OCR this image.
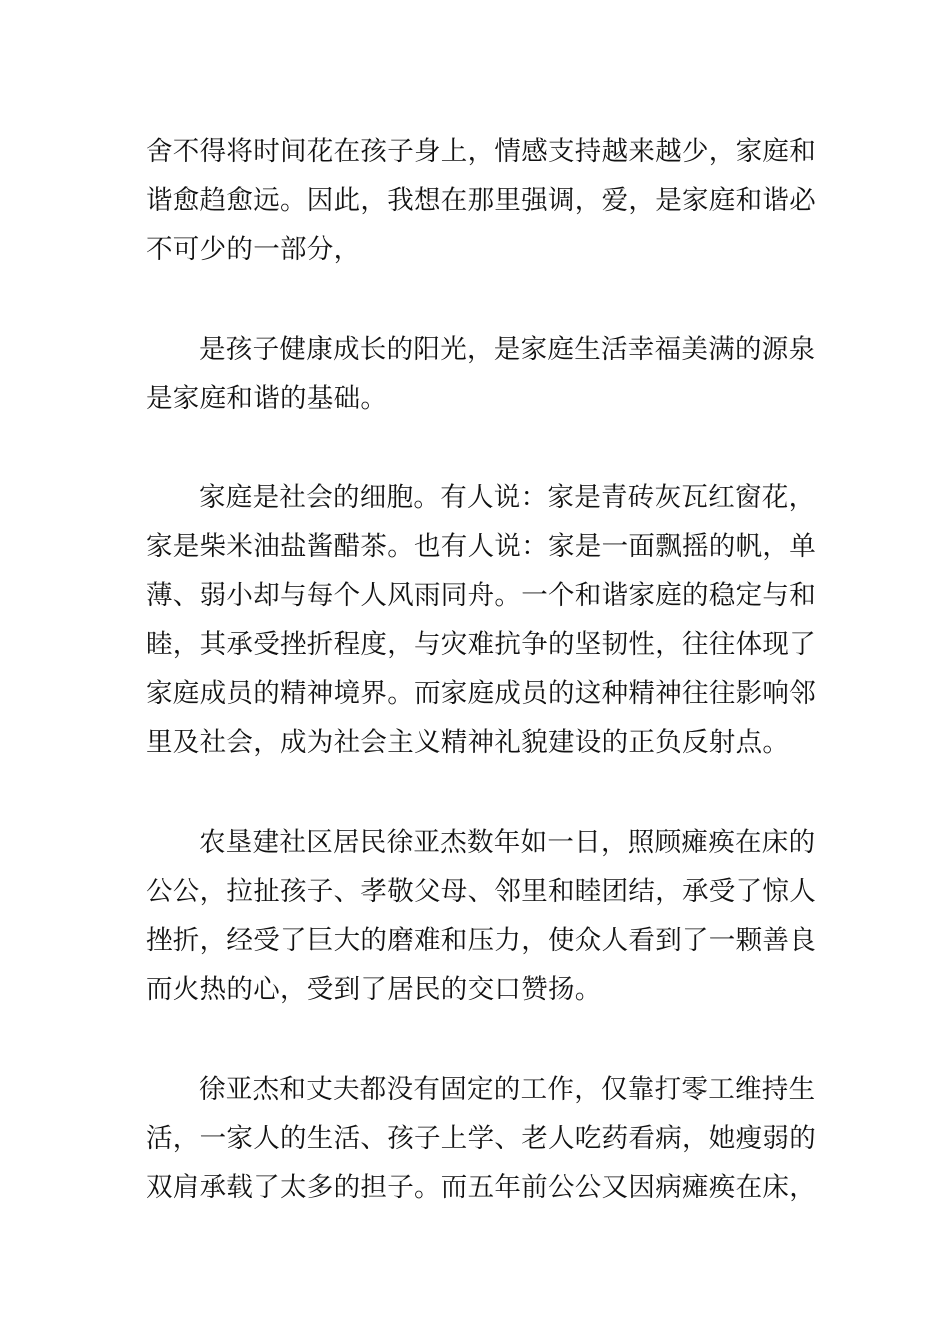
舍不得将时间花在孩子身上，情感支持越来越少，家庭和
谐愈趋愈远。因此，我想在那里强调，爱，是家庭和谐必
不可少的一部分，

是孩子健康成长的阳光，是家庭生活幸福美满的源泉
是家庭和谐的基础。

家庭是社会的细胞。有人说：家是青砖灰瓦红窗花，
家是柴米油盐酱醋茶。也有人说：家是一面飘摇的帆，单
薄、弱小却与每个人风雨同舟。一个和谐家庭的稳定与和
睦，其承受挫折程度，与灾难抗争的坚韧性，往往体现了
家庭成员的精神境界。而家庭成员的这种精神往往影响邻
里及社会，成为社会主义精神礼貌建设的正负反射点。

农垦建社区居民徐亚杰数年如一日，照顾瘫痪在床的
公公，拉扯孩子、孝敬父母、邻里和睦团结，承受了惊人
挫折，经受了巨大的磨难和压力，使众人看到了一颗善良
而火热的心，受到了居民的交口赞扬。

徐亚杰和丈夫都没有固定的工作，仅靠打零工维持生
活，一家人的生活、孩子上学、老人吃药看病，她瘦弱的
双肩承载了太多的担子。而五年前公公又因病瘫痪在床，
